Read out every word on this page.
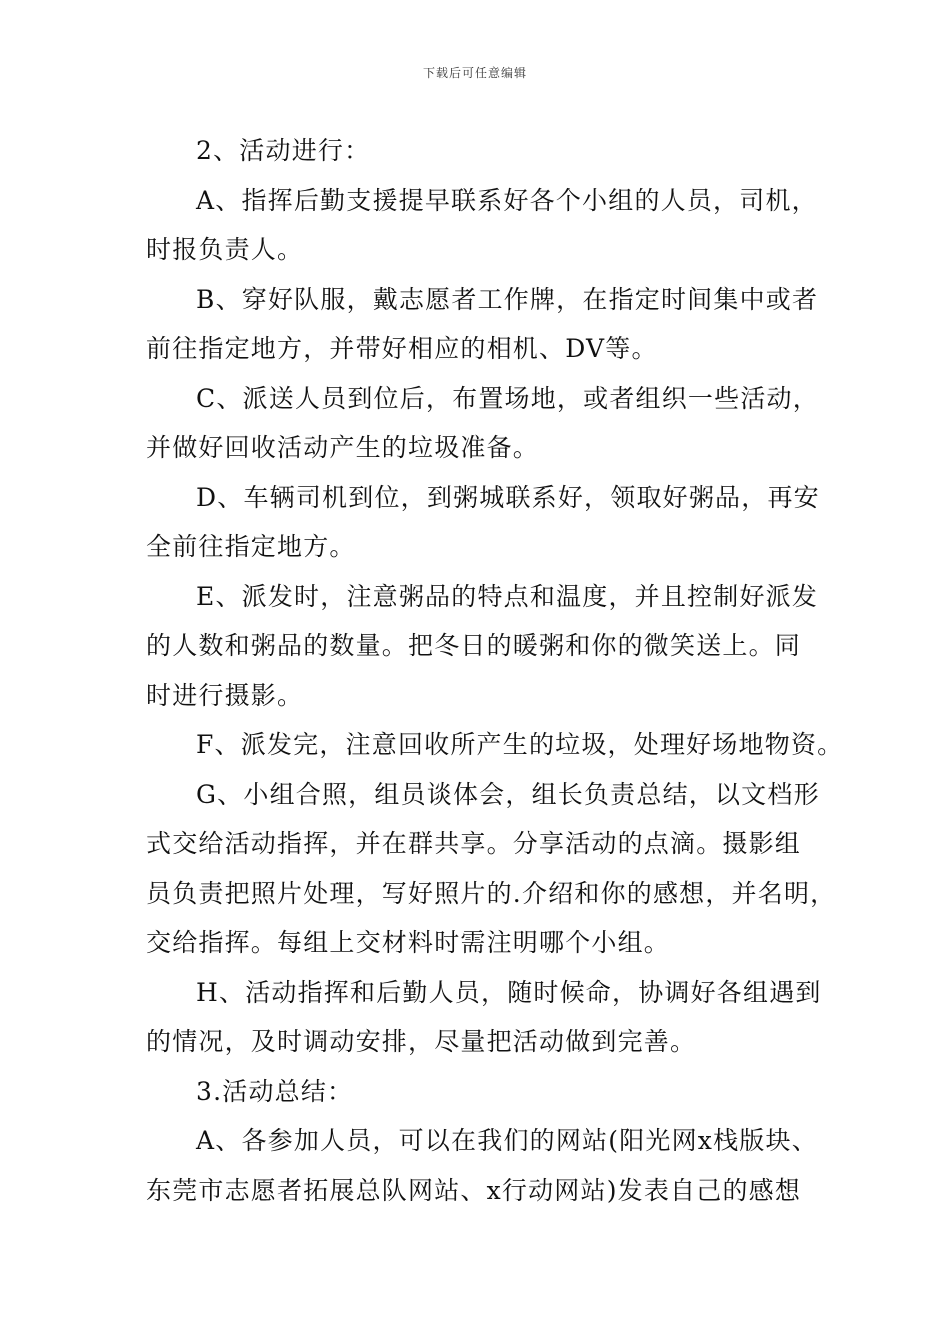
下载后可任意编辑

2、活动进行：

A、指挥后勤支援提早联系好各个小组的人员，司机，
时报负责人。

B、穿好队服，戴志愿者工作牌，在指定时间集中或者
前往指定地方，并带好相应的相机、DV等。

C、派送人员到位后，布置场地，或者组织一些活动，
并做好回收活动产生的垃圾准备。

D、车辆司机到位，到粥城联系好，领取好粥品，再安
全前往指定地方。

E、派发时，注意粥品的特点和温度，并且控制好派发
的人数和粥品的数量。把冬日的暖粥和你的微笑送上。同
时进行摄影。

F、派发完，注意回收所产生的垃圾，处理好场地物资。

G、小组合照，组员谈体会，组长负责总结，以文档形
式交给活动指挥，并在群共享。分享活动的点滴。摄影组
员负责把照片处理，写好照片的.介绍和你的感想，并名明，
交给指挥。每组上交材料时需注明哪个小组。

H、活动指挥和后勤人员，随时候命，协调好各组遇到
的情况，及时调动安排，尽量把活动做到完善。

3.活动总结：

A、各参加人员，可以在我们的网站(阳光网x栈版块、
东莞市志愿者拓展总队网站、x行动网站)发表自己的感想
